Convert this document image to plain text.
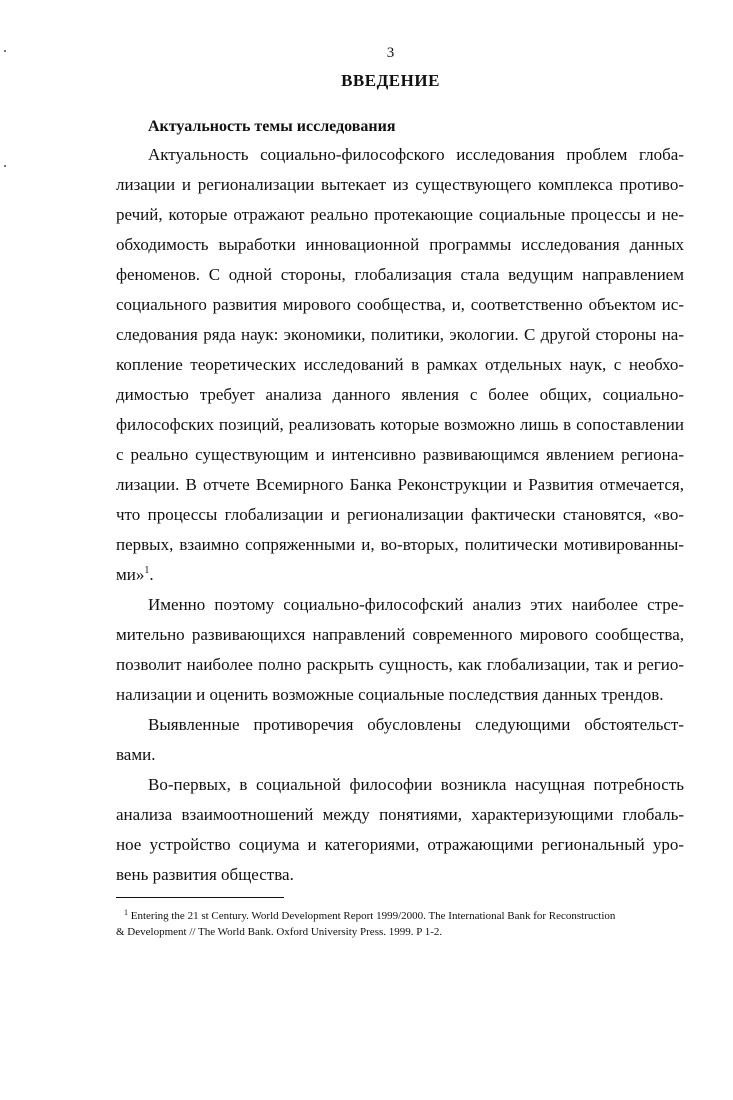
3
ВВЕДЕНИЕ
Актуальность темы исследования
Актуальность социально-философского исследования проблем глоба-
лизации и регионализации вытекает из существующего комплекса противо-
речий, которые отражают реально протекающие социальные процессы и не-
обходимость выработки инновационной программы исследования данных
феноменов. С одной стороны, глобализация стала ведущим направлением
социального развития мирового сообщества, и, соответственно объектом ис-
следования ряда наук: экономики, политики, экологии. С другой стороны на-
копление теоретических исследований в рамках отдельных наук, с необхо-
димостью требует анализа данного явления с более общих, социально-
философских позиций, реализовать которые возможно лишь в сопоставлении
с реально существующим и интенсивно развивающимся явлением регионa-
лизации. В отчете Всемирного Банка Реконструкции и Развития отмечается,
что процессы глобализации и регионализации фактически становятся, «во-
первых, взаимно сопряженными и, во-вторых, политически мотивированны-
ми»$^1$.
Именно поэтому социально-философский анализ этих наиболее стре-
мительно развивающихся направлений современного мирового сообщества,
позволит наиболее полно раскрыть сущность, как глобализации, так и регио-
нализации и оценить возможные социальные последствия данных трендов.
Выявленные противоречия обусловлены следующими обстоятельст-
вами.
Во-первых, в социальной философии возникла насущная потребность
анализа взаимоотношений между понятиями, характеризующими глобаль-
ное устройство социума и категориями, отражающими региональный уро-
вень развития общества.
$^1$ Entering the 21 st Century. World Development Report 1999/2000. The International Bank for Reconstruction
& Development // The World Bank. Oxford University Press. 1999. P 1-2.
